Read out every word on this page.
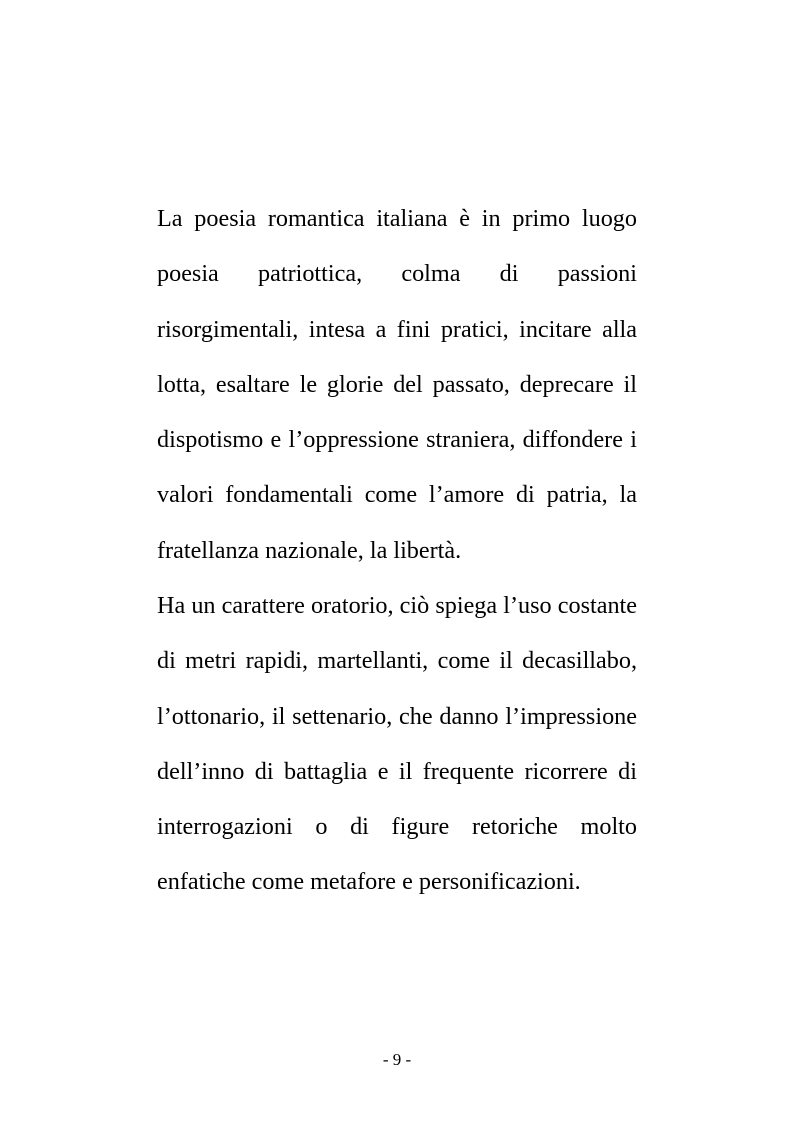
La poesia romantica italiana è in primo luogo
poesia patriottica, colma di passioni
risorgimentali, intesa a fini pratici, incitare alla
lotta, esaltare le glorie del passato, deprecare il
dispotismo e l’oppressione straniera, diffondere i
valori fondamentali come l’amore di patria, la
fratellanza nazionale, la libertà.
Ha un carattere oratorio, ciò spiega l’uso costante
di metri rapidi, martellanti, come il decasillabo,
l’ottonario, il settenario, che danno l’impressione
dell’inno di battaglia e il frequente ricorrere di
interrogazioni o di figure retoriche molto
enfatiche come metafore e personificazioni.
- 9 -
